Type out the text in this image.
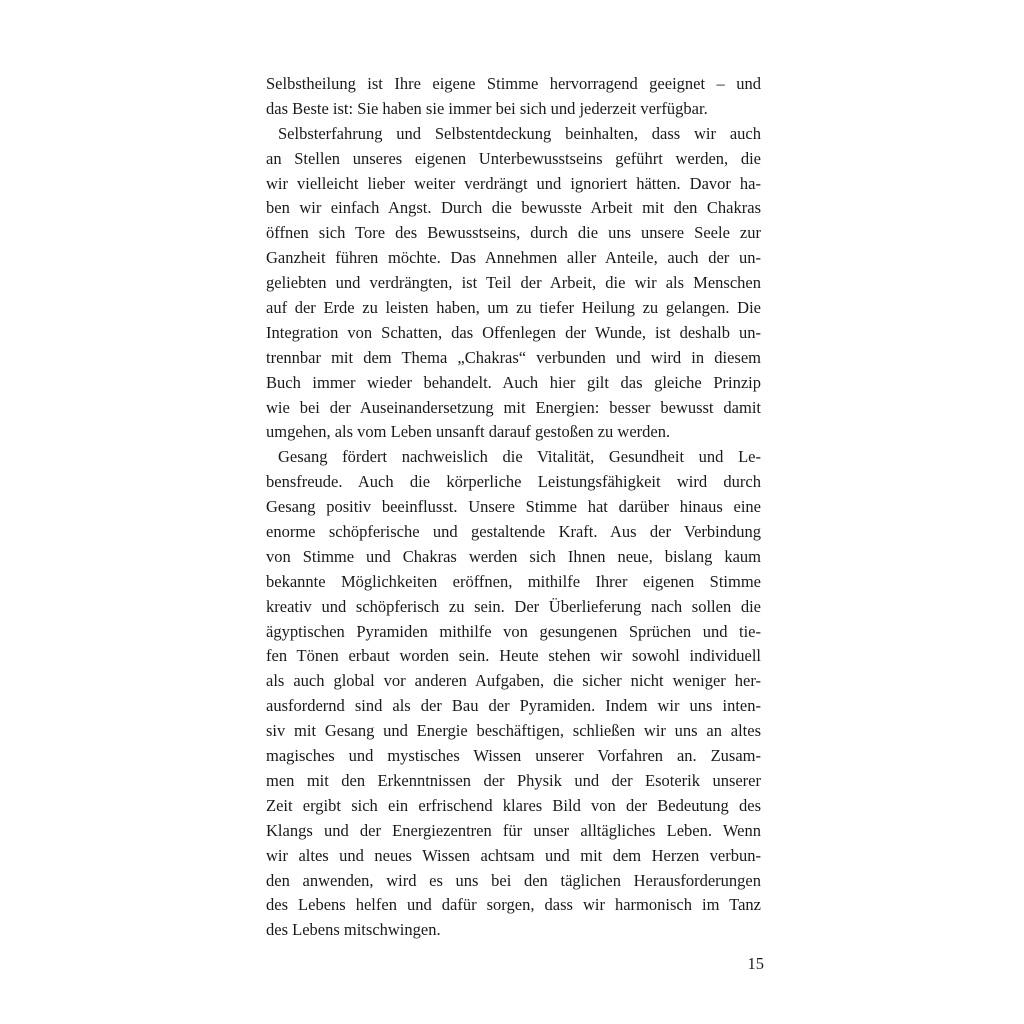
Selbstheilung ist Ihre eigene Stimme hervorragend geeignet – und
das Beste ist: Sie haben sie immer bei sich und jederzeit verfügbar.
Selbsterfahrung und Selbstentdeckung beinhalten, dass wir auch
an Stellen unseres eigenen Unterbewusstseins geführt werden, die
wir vielleicht lieber weiter verdrängt und ignoriert hätten. Davor ha-
ben wir einfach Angst. Durch die bewusste Arbeit mit den Chakras
öffnen sich Tore des Bewusstseins, durch die uns unsere Seele zur
Ganzheit führen möchte. Das Annehmen aller Anteile, auch der un-
geliebten und verdrängten, ist Teil der Arbeit, die wir als Menschen
auf der Erde zu leisten haben, um zu tiefer Heilung zu gelangen. Die
Integration von Schatten, das Offenlegen der Wunde, ist deshalb un-
trennbar mit dem Thema „Chakras“ verbunden und wird in diesem
Buch immer wieder behandelt. Auch hier gilt das gleiche Prinzip
wie bei der Auseinandersetzung mit Energien: besser bewusst damit
umgehen, als vom Leben unsanft darauf gestoßen zu werden.
Gesang fördert nachweislich die Vitalität, Gesundheit und Le-
bensfreude. Auch die körperliche Leistungsfähigkeit wird durch
Gesang positiv beeinflusst. Unsere Stimme hat darüber hinaus eine
enorme schöpferische und gestaltende Kraft. Aus der Verbindung
von Stimme und Chakras werden sich Ihnen neue, bislang kaum
bekannte Möglichkeiten eröffnen, mithilfe Ihrer eigenen Stimme
kreativ und schöpferisch zu sein. Der Überlieferung nach sollen die
ägyptischen Pyramiden mithilfe von gesungenen Sprüchen und tie-
fen Tönen erbaut worden sein. Heute stehen wir sowohl individuell
als auch global vor anderen Aufgaben, die sicher nicht weniger her-
ausfordernd sind als der Bau der Pyramiden. Indem wir uns inten-
siv mit Gesang und Energie beschäftigen, schließen wir uns an altes
magisches und mystisches Wissen unserer Vorfahren an. Zusam-
men mit den Erkenntnissen der Physik und der Esoterik unserer
Zeit ergibt sich ein erfrischend klares Bild von der Bedeutung des
Klangs und der Energiezentren für unser alltägliches Leben. Wenn
wir altes und neues Wissen achtsam und mit dem Herzen verbun-
den anwenden, wird es uns bei den täglichen Herausforderungen
des Lebens helfen und dafür sorgen, dass wir harmonisch im Tanz
des Lebens mitschwingen.
15
